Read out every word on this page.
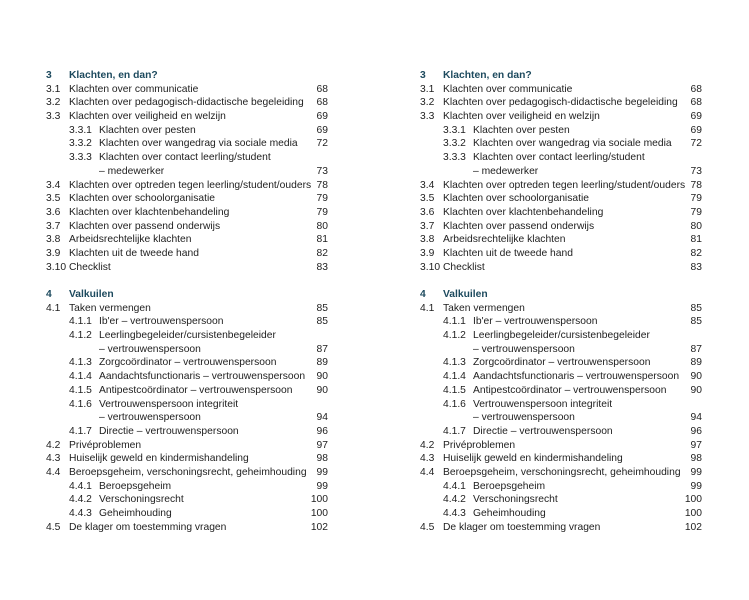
3 Klachten, en dan?
3.1 Klachten over communicatie	68
3.2 Klachten over pedagogisch-didactische begeleiding 68
3.3 Klachten over veiligheid en welzijn	69
3.3.1 Klachten over pesten	69
3.3.2 Klachten over wangedrag via sociale media 72
3.3.3 Klachten over contact leerling/student
– medewerker	73
3.4 Klachten over optreden tegen leerling/student/ouders 78
3.5 Klachten over schoolorganisatie	79
3.6 Klachten over klachtenbehandeling	79
3.7 Klachten over passend onderwijs	80
3.8 Arbeidsrechtelijke klachten	81
3.9 Klachten uit de tweede hand	82
3.10 Checklist	83
4 Valkuilen
4.1 Taken vermengen	85
4.1.1 Ib'er – vertrouwenspersoon	85
4.1.2 Leerlingbegeleider/cursistenbegeleider
– vertrouwenspersoon	87
4.1.3 Zorgcoördinator – vertrouwenspersoon	89
4.1.4 Aandachtsfunctionaris – vertrouwenspersoon 90
4.1.5 Antipestcoördinator – vertrouwenspersoon 90
4.1.6 Vertrouwenspersoon integriteit
– vertrouwenspersoon	94
4.1.7 Directie – vertrouwenspersoon	96
4.2 Privéproblemen	97
4.3 Huiselijk geweld en kindermishandeling	98
4.4 Beroepsgeheim, verschoningsrecht, geheimhouding 99
4.4.1 Beroepsgeheim	99
4.4.2 Verschoningsrecht	100
4.4.3 Geheimhouding	100
4.5 De klager om toestemming vragen	102
3 Klachten, en dan?
3.1 Klachten over communicatie	68
3.2 Klachten over pedagogisch-didactische begeleiding 68
3.3 Klachten over veiligheid en welzijn	69
3.3.1 Klachten over pesten	69
3.3.2 Klachten over wangedrag via sociale media 72
3.3.3 Klachten over contact leerling/student
– medewerker	73
3.4 Klachten over optreden tegen leerling/student/ouders 78
3.5 Klachten over schoolorganisatie	79
3.6 Klachten over klachtenbehandeling	79
3.7 Klachten over passend onderwijs	80
3.8 Arbeidsrechtelijke klachten	81
3.9 Klachten uit de tweede hand	82
3.10 Checklist	83
4 Valkuilen
4.1 Taken vermengen	85
4.1.1 Ib'er – vertrouwenspersoon	85
4.1.2 Leerlingbegeleider/cursistenbegeleider
– vertrouwenspersoon	87
4.1.3 Zorgcoördinator – vertrouwenspersoon	89
4.1.4 Aandachtsfunctionaris – vertrouwenspersoon 90
4.1.5 Antipestcoördinator – vertrouwenspersoon 90
4.1.6 Vertrouwenspersoon integriteit
– vertrouwenspersoon	94
4.1.7 Directie – vertrouwenspersoon	96
4.2 Privéproblemen	97
4.3 Huiselijk geweld en kindermishandeling	98
4.4 Beroepsgeheim, verschoningsrecht, geheimhouding 99
4.4.1 Beroepsgeheim	99
4.4.2 Verschoningsrecht	100
4.4.3 Geheimhouding	100
4.5 De klager om toestemming vragen	102
